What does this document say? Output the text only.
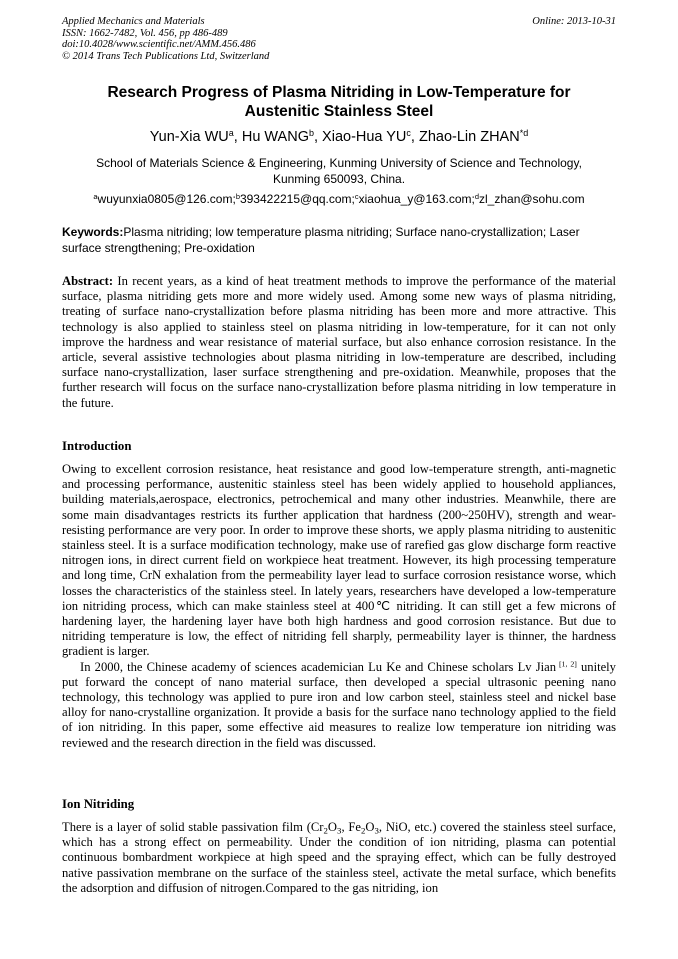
Applied Mechanics and Materials
ISSN: 1662-7482, Vol. 456, pp 486-489
doi:10.4028/www.scientific.net/AMM.456.486
© 2014 Trans Tech Publications Ltd, Switzerland
Online: 2013-10-31
Research Progress of Plasma Nitriding in Low-Temperature for
Austenitic Stainless Steel
Yun-Xia $WU^a$, Hu WANG$^b$, Xiao-Hua $YU^c$, Zhao-Lin ZHAN$^{*d}$
School of Materials Science & Engineering, Kunming University of Science and Technology,
Kunming 650093, China.
$^a$wuyunxia0805@126.com;$^b$393422215@qq.com;$^c$xiaohua_y@163.com;$^d$zl_zhan@sohu.com
Keywords:Plasma nitriding; low temperature plasma nitriding; Surface nano-crystallization; Laser surface strengthening; Pre-oxidation

Abstract: In recent years, as a kind of heat treatment methods to improve the performance of the material surface, plasma nitriding gets more and more widely used. Among some new ways of plasma nitriding, treating of surface nano-crystallization before plasma nitriding has been more and more attractive. This technology is also applied to stainless steel on plasma nitriding in low-temperature, for it can not only improve the hardness and wear resistance of material surface, but also enhance corrosion resistance. In the article, several assistive technologies about plasma nitriding in low-temperature are described, including surface nano-crystallization, laser surface strengthening and pre-oxidation. Meanwhile, proposes that the further research will focus on the surface nano-crystallization before plasma nitriding in low temperature in the future.

Introduction

Owing to excellent corrosion resistance, heat resistance and good low-temperature strength, anti-magnetic and processing performance, austenitic stainless steel has been widely applied to household appliances, building materials,aerospace, electronics, petrochemical and many other industries. Meanwhile, there are some main disadvantages restricts its further application that hardness (200~250HV), strength and wear-resisting performance are very poor. In order to improve these shorts, we apply plasma nitriding to austenitic stainless steel. It is a surface modification technology, make use of rarefied gas glow discharge form reactive nitrogen ions, in direct current field on workpiece heat treatment. However, its high processing temperature and long time, CrN exhalation from the permeability layer lead to surface corrosion resistance worse, which losses the characteristics of the stainless steel. In lately years, researchers have developed a low-temperature ion nitriding process, which can make stainless steel at 400℃ nitriding. It can still get a few microns of hardening layer, the hardening layer have both high hardness and good corrosion resistance. But due to nitriding temperature is low, the effect of nitriding fell sharply, permeability layer is thinner, the hardness gradient is larger.

In 2000, the Chinese academy of sciences academician Lu Ke and Chinese scholars Lv Jian [1, 2] unitely put forward the concept of nano material surface, then developed a special ultrasonic peening nano technology, this technology was applied to pure iron and low carbon steel, stainless steel and nickel base alloy for nano-crystalline organization. It provide a basis for the surface nano technology applied to the field of ion nitriding. In this paper, some effective aid measures to realize low temperature ion nitriding was reviewed and the research direction in the field was discussed.

Ion Nitriding

There is a layer of solid stable passivation film ($Cr_2O_3$, $Fe_2O_3$, NiO, etc.) covered the stainless steel surface, which has a strong effect on permeability. Under the condition of ion nitriding, plasma can potential continuous bombardment workpiece at high speed and the spraying effect, which can be fully destroyed native passivation membrane on the surface of the stainless steel, activate the metal surface, which benefits the adsorption and diffusion of nitrogen.Compared to the gas nitriding, ion
